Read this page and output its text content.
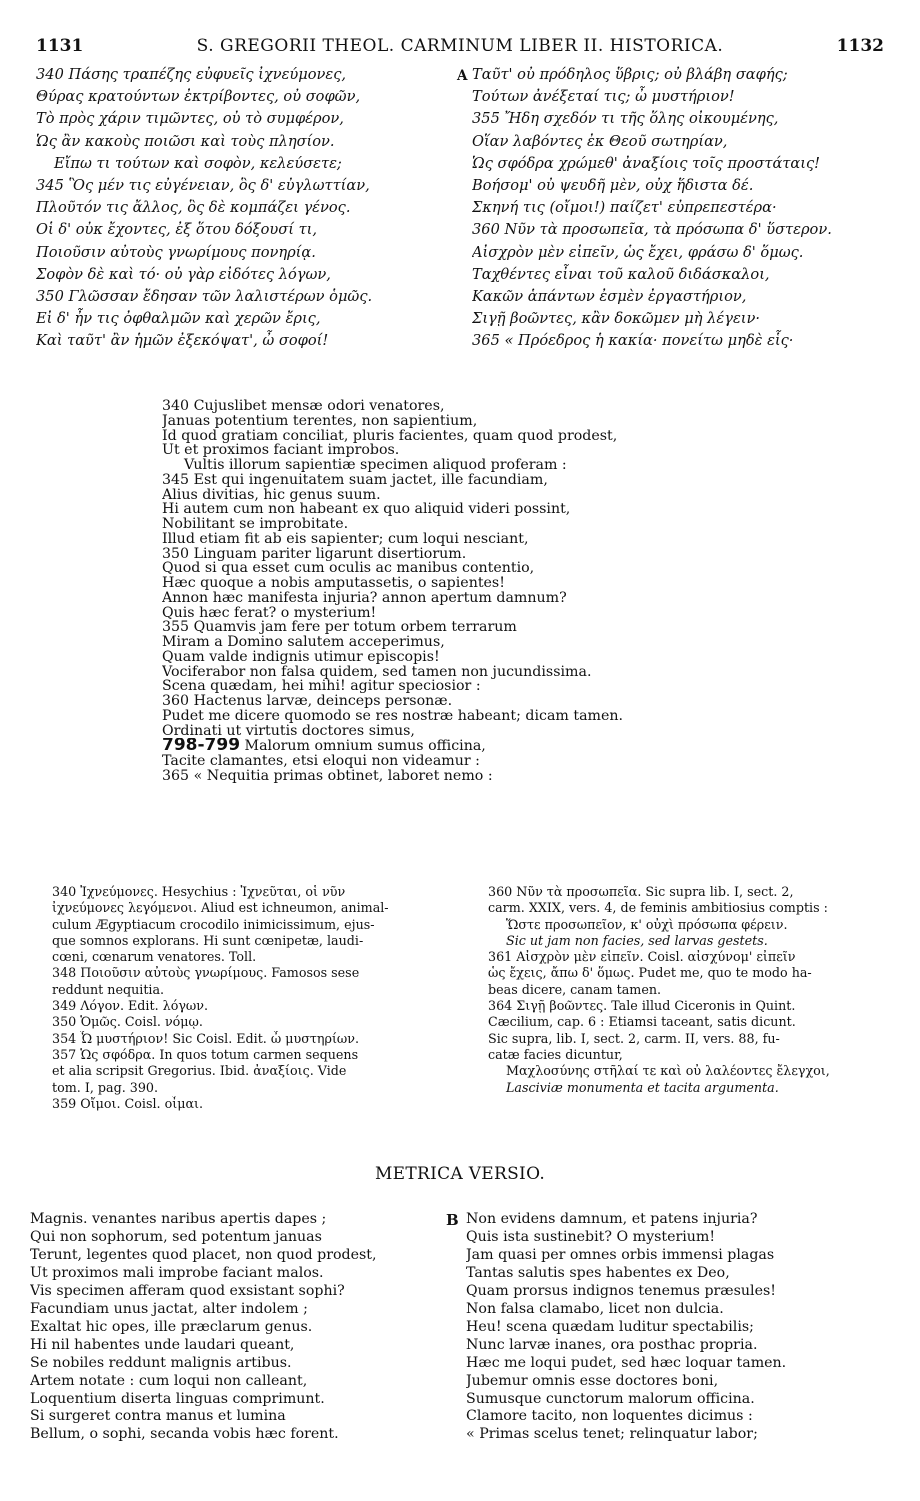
1131	S. GREGORII THEOL. CARMINUM LIBER II. HISTORICA.	1132
340 Πάσης τραπέζης εὐφυεῖς ἰχνεύμονες,
Θύρας κρατούντων ἐκτρίβοντες, οὐ σοφῶν,
Τὸ πρὸς χάριν τιμῶντες, οὐ τὸ συμφέρον,
Ὡς ἂν κακοὺς ποιῶσι καὶ τοὺς πλησίον.
Εἴπω τι τούτων καὶ σοφὸν, κελεύσετε;
345 Ὃς μέν τις εὐγένειαν, ὃς δ' εὐγλωττίαν,
Πλοῦτόν τις ἄλλος, ὃς δὲ κομπάζει γένος.
Οἱ δ' οὐκ ἔχοντες, ἐξ ὅτου δόξουσί τι,
Ποιοῦσιν αὐτοὺς γνωρίμους πονηρίᾳ.
Σοφὸν δὲ καὶ τό· οὐ γὰρ εἰδότες λόγων,
350 Γλῶσσαν ἔδησαν τῶν λαλιστέρων ὁμῶς.
Εἰ δ' ἦν τις ὀφθαλμῶν καὶ χερῶν ἔρις,
Καὶ ταῦτ' ἂν ἡμῶν ἐξεκόψατ', ὦ σοφοί!
A Ταῦτ' οὐ πρόδηλος ὕβρις; οὐ βλάβη σαφής;
Τούτων ἀνέξεταί τις; ὦ μυστήριον!
355 Ἤδη σχεδόν τι τῆς ὅλης οἰκουμένης,
Οἵαν λαβόντες ἐκ Θεοῦ σωτηρίαν,
Ὡς σφόδρα χρώμεθ' ἀναξίοις τοῖς προστάταις!
Βοήσομ' οὐ ψευδῆ μὲν, οὐχ ἥδιστα δέ.
Σκηνή τις (οἴμοι!) παίζετ' εὐπρεπεστέρα·
360 Νῦν τὰ προσωπεῖα, τὰ πρόσωπα δ' ὕστερον.
Αἰσχρὸν μὲν εἰπεῖν, ὡς ἔχει, φράσω δ' ὅμως.
Ταχθέντες εἶναι τοῦ καλοῦ διδάσκαλοι,
Κακῶν ἁπάντων ἐσμὲν ἐργαστήριον,
Σιγῇ βοῶντες, κἂν δοκῶμεν μὴ λέγειν·
365 « Πρόεδρος ἡ κακία· πονείτω μηδὲ εἷς·
340 Cujuslibet mensæ odori venatores,
Januas potentium terentes, non sapientium,
Id quod gratiam conciliat, pluris facientes, quam quod prodest,
Ut et proximos faciant improbos.
Vultis illorum sapientiæ specimen aliquod proferam :
345 Est qui ingenuitatem suam jactet, ille facundiam,
Alius divitias, hic genus suum.
Hi autem cum non habeant ex quo aliquid videri possint,
Nobilitant se improbitate.
Illud etiam fit ab eis sapienter; cum loqui nesciant,
350 Linguam pariter ligarunt disertiorum.
Quod si qua esset cum oculis ac manibus contentio,
Hæc quoque a nobis amputassetis, o sapientes!
Annon hæc manifesta injuria? annon apertum damnum?
Quis hæc ferat? o mysterium!
355 Quamvis jam fere per totum orbem terrarum
Miram a Domino salutem acceperimus,
Quam valde indignis utimur episcopis!
Vociferabor non falsa quidem, sed tamen non jucundissima.
Scena quædam, hei mihi! agitur speciosior :
360 Hactenus larvæ, deinceps personæ.
Pudet me dicere quomodo se res nostræ habeant; dicam tamen.
Ordinati ut virtutis doctores simus,
798-799 Malorum omnium sumus officina,
Tacite clamantes, etsi eloqui non videamur :
365 « Nequitia primas obtinet, laboret nemo :
340 Ἰχνεύμονες. Hesychius : Ἰχνεῦται, οἱ νῦν
ἰχνεύμονες λεγόμενοι. Aliud est ichneumon, animal-
culum Ægyptiacum crocodilo inimicissimum, ejus-
que somnos explorans. Hi sunt cœnipetæ, laudi-
cœni, cœnarum venatores. Toll.
348 Ποιοῦσιν αὐτοὺς γνωρίμους. Famosos sese
reddunt nequitia.
349 Λόγον. Edit. λόγων.
350 Ὁμῶς. Coisl. νόμῳ.
354 Ὦ μυστήριον! Sic Coisl. Edit. ὦ μυστηρίων.
357 Ὡς σφόδρα. In quos totum carmen sequens
et alia scripsit Gregorius. Ibid. ἀναξίοις. Vide
tom. I, pag. 390.
359 Οἴμοι. Coisl. οἶμαι.
360 Νῦν τὰ προσωπεῖα. Sic supra lib. I, sect. 2,
carm. XXIX, vers. 4, de feminis ambitiosius comptis :
Ὥστε προσωπεῖον, κ' οὐχὶ πρόσωπα φέρειν.
Sic ut jam non facies, sed larvas gestets.
361 Αἰσχρὸν μὲν εἰπεῖν. Coisl. αἰσχύνομ' εἰπεῖν
ὡς ἔχεις, ἄπω δ' ὅμως. Pudet me, quo te modo ha-
beas dicere, canam tamen.
364 Σιγῇ βοῶντες. Tale illud Ciceronis in Quint.
Cæcilium, cap. 6 : Etiamsi taceant, satis dicunt.
Sic supra, lib. I, sect. 2, carm. II, vers. 88, fu-
catæ facies dicuntur,
Μαχλοσύνης στῆλαί τε καὶ οὐ λαλέοντες ἔλεγχοι,
Lasciviæ monumenta et tacita argumenta.
METRICA VERSIO.
Magnis. venantes naribus apertis dapes ;
Qui non sophorum, sed potentum januas
Terunt, legentes quod placet, non quod prodest,
Ut proximos mali improbe faciant malos.
Vis specimen afferam quod exsistant sophi?
Facundiam unus jactat, alter indolem ;
Exaltat hic opes, ille præclarum genus.
Hi nil habentes unde laudari queant,
Se nobiles reddunt malignis artibus.
Artem notate : cum loqui non calleant,
Loquentium diserta linguas comprimunt.
Si surgeret contra manus et lumina
Bellum, o sophi, secanda vobis hæc forent.
B Non evidens damnum, et patens injuria?
Quis ista sustinebit? O mysterium!
Jam quasi per omnes orbis immensi plagas
Tantas salutis spes habentes ex Deo,
Quam prorsus indignos tenemus præsules!
Non falsa clamabo, licet non dulcia.
Heu! scena quædam luditur spectabilis;
Nunc larvæ inanes, ora posthac propria.
Hæc me loqui pudet, sed hæc loquar tamen.
Jubemur omnis esse doctores boni,
Sumusque cunctorum malorum officina.
Clamore tacito, non loquentes dicimus :
« Primas scelus tenet; relinquatur labor;
